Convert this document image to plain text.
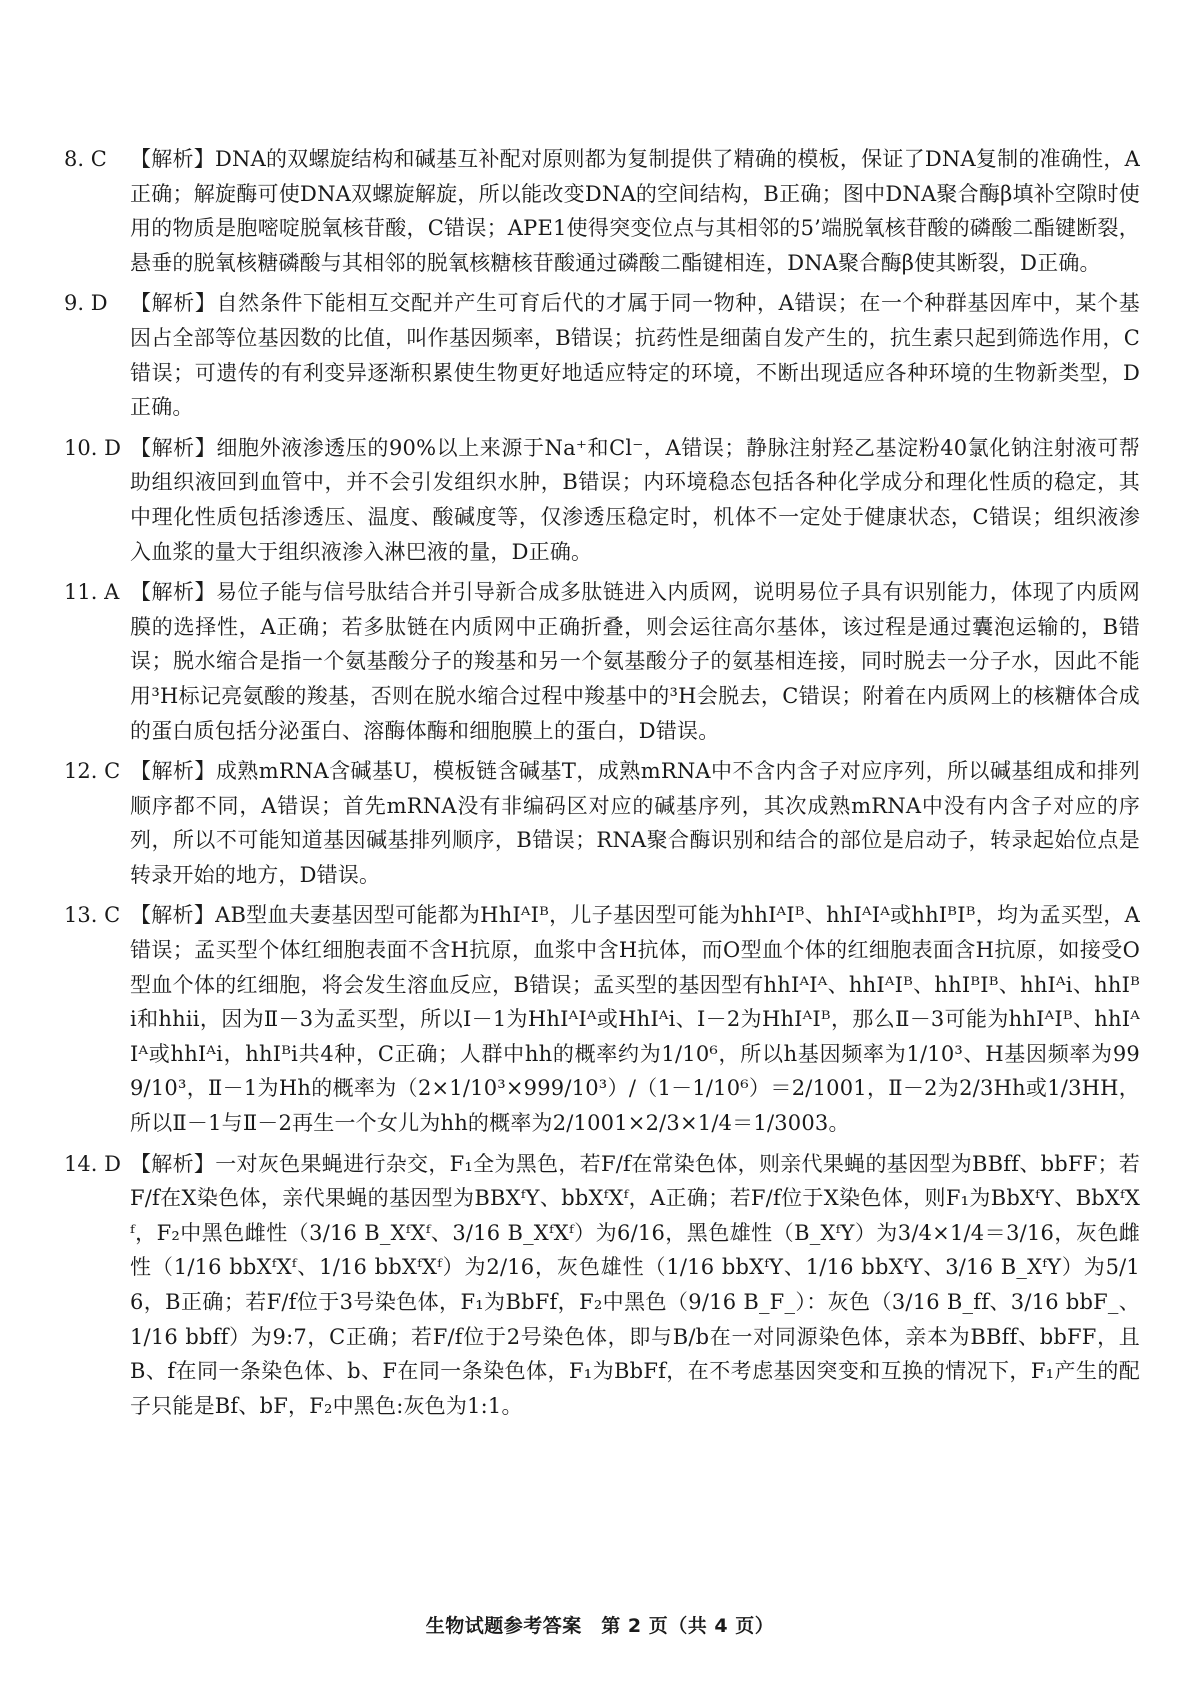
8. C	【解析】DNA的双螺旋结构和碱基互补配对原则都为复制提供了精确的模板，保证了DNA复制的准确性，A正确；解旋酶可使DNA双螺旋解旋，所以能改变DNA的空间结构，B正确；图中DNA聚合酶β填补空隙时使用的物质是胞嘧啶脱氧核苷酸，C错误；APE1使得突变位点与其相邻的5’端脱氧核苷酸的磷酸二酯键断裂，悬垂的脱氧核糖磷酸与其相邻的脱氧核糖核苷酸通过磷酸二酯键相连，DNA聚合酶β使其断裂，D正确。
9. D	【解析】自然条件下能相互交配并产生可育后代的才属于同一物种，A错误；在一个种群基因库中，某个基因占全部等位基因数的比值，叫作基因频率，B错误；抗药性是细菌自发产生的，抗生素只起到筛选作用，C错误；可遗传的有利变异逐渐积累使生物更好地适应特定的环境，不断出现适应各种环境的生物新类型，D正确。
10. D 【解析】细胞外液渗透压的90%以上来源于Na⁺和Cl⁻，A错误；静脉注射羟乙基淀粉40氯化钠注射液可帮助组织液回到血管中，并不会引发组织水肿，B错误；内环境稳态包括各种化学成分和理化性质的稳定，其中理化性质包括渗透压、温度、酸碱度等，仅渗透压稳定时，机体不一定处于健康状态，C错误；组织液渗入血浆的量大于组织液渗入淋巴液的量，D正确。
11. A 【解析】易位子能与信号肽结合并引导新合成多肽链进入内质网，说明易位子具有识别能力，体现了内质网膜的选择性，A正确；若多肽链在内质网中正确折叠，则会运往高尔基体，该过程是通过囊泡运输的，B错误；脱水缩合是指一个氨基酸分子的羧基和另一个氨基酸分子的氨基相连接，同时脱去一分子水，因此不能用³H标记亮氨酸的羧基，否则在脱水缩合过程中羧基中的³H会脱去，C错误；附着在内质网上的核糖体合成的蛋白质包括分泌蛋白、溶酶体酶和细胞膜上的蛋白，D错误。
12. C 【解析】成熟mRNA含碱基U，模板链含碱基T，成熟mRNA中不含内含子对应序列，所以碱基组成和排列顺序都不同，A错误；首先mRNA没有非编码区对应的碱基序列，其次成熟mRNA中没有内含子对应的序列，所以不可能知道基因碱基排列顺序，B错误；RNA聚合酶识别和结合的部位是启动子，转录起始位点是转录开始的地方，D错误。
13. C 【解析】AB型血夫妻基因型可能都为HhIᴬIᴮ，儿子基因型可能为hhIᴬIᴮ、hhIᴬIᴬ或hhIᴮIᴮ，均为孟买型，A错误；孟买型个体红细胞表面不含H抗原，血浆中含H抗体，而O型血个体的红细胞表面含H抗原，如接受O型血个体的红细胞，将会发生溶血反应，B错误；孟买型的基因型有hhIᴬIᴬ、hhIᴬIᴮ、hhIᴮIᴮ、hhIᴬi、hhIᴮi和hhii，因为Ⅱ－3为孟买型，所以Ⅰ－1为HhIᴬIᴬ或HhIᴬi、Ⅰ－2为HhIᴬIᴮ，那么Ⅱ－3可能为hhIᴬIᴮ、hhIᴬIᴬ或hhIᴬi，hhIᴮi共4种，C正确；人群中hh的概率约为1/10⁶，所以h基因频率为1/10³、H基因频率为999/10³，Ⅱ－1为Hh的概率为（2×1/10³×999/10³）/（1－1/10⁶）＝2/1001，Ⅱ－2为2/3Hh或1/3HH，所以Ⅱ－1与Ⅱ－2再生一个女儿为hh的概率为2/1001×2/3×1/4＝1/3003。
14. D 【解析】一对灰色果蝇进行杂交，F₁全为黑色，若F/f在常染色体，则亲代果蝇的基因型为BBff、bbFF；若F/f在X染色体，亲代果蝇的基因型为BBXᶠY、bbXᶠXᶠ，A正确；若F/f位于X染色体，则F₁为BbXᶠY、BbXᶠXᶠ，F₂中黑色雌性（3/16 B_XᶠXᶠ、3/16 B_XᶠXᶠ）为6/16，黑色雄性（B_XᶠY）为3/4×1/4＝3/16，灰色雌性（1/16 bbXᶠXᶠ、1/16 bbXᶠXᶠ）为2/16，灰色雄性（1/16 bbXᶠY、1/16 bbXᶠY、3/16 B_XᶠY）为5/16，B正确；若F/f位于3号染色体，F₁为BbFf，F₂中黑色（9/16 B_F_）：灰色（3/16 B_ff、3/16 bbF_、1/16 bbff）为9:7，C正确；若F/f位于2号染色体，即与B/b在一对同源染色体，亲本为BBff、bbFF，且B、f在同一条染色体、b、F在同一条染色体，F₁为BbFf，在不考虑基因突变和互换的情况下，F₁产生的配子只能是Bf、bF，F₂中黑色:灰色为1:1。
生物试题参考答案　第 2 页（共 4 页）
